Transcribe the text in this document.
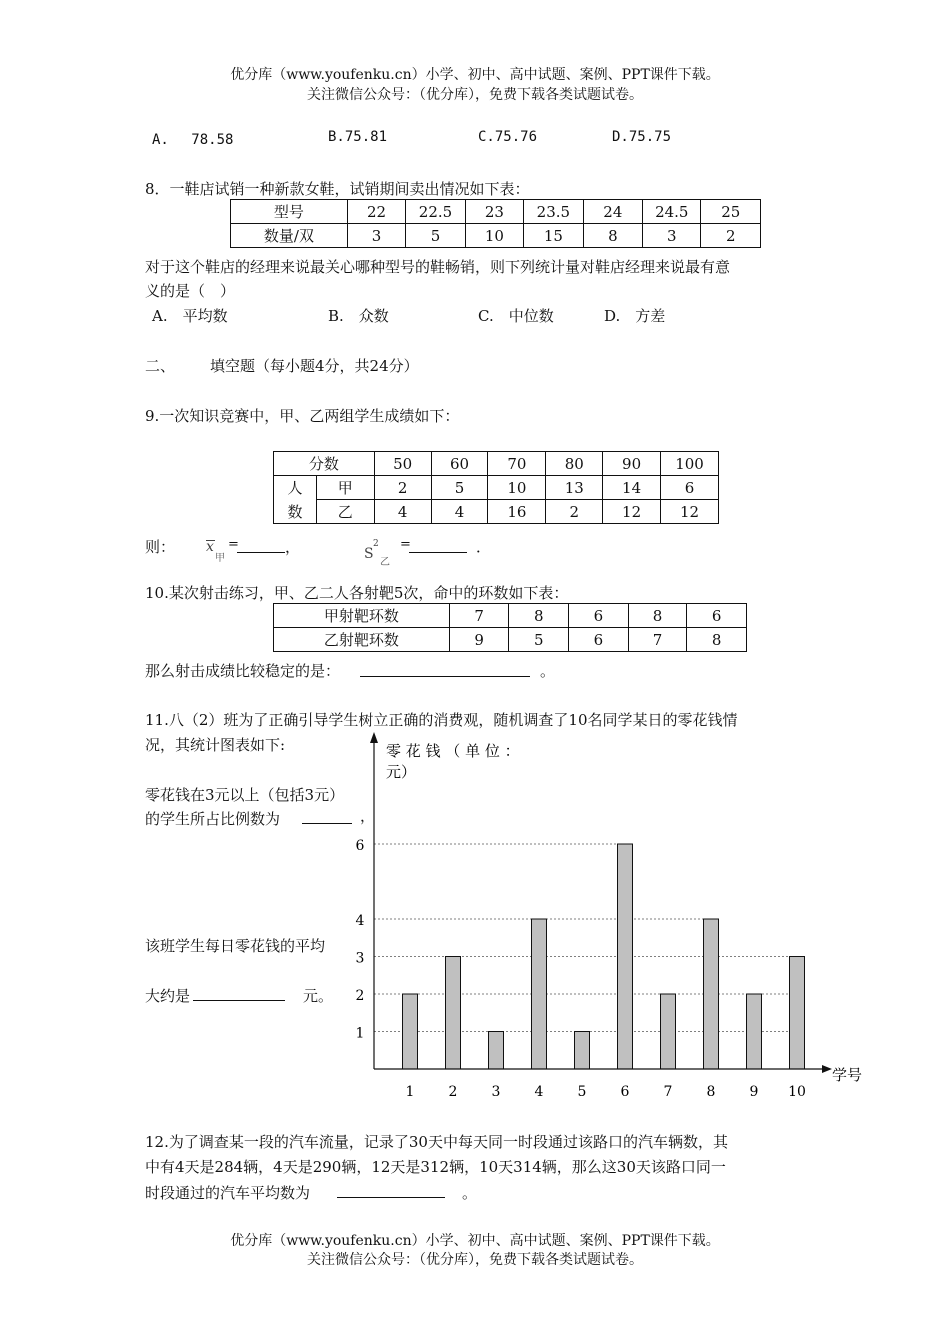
优分库（www.youfenku.cn）小学、初中、高中试题、案例、PPT课件下载。
关注微信公众号：（优分库），免费下载各类试题试卷。
A.　 78.58	B.75.81	C.75.76	D.75.75
8．一鞋店试销一种新款女鞋，试销期间卖出情况如下表：
型号	22	22.5	23	23.5	24	24.5	25
数量/双	3	5	10	15	8	3	2
对于这个鞋店的经理来说最关心哪种型号的鞋畅销，则下列统计量对鞋店经理来说最有意
义的是（　）
A.　平均数	B.　众数	C.　中位数	D.　方差
二、 填空题（每小题4分，共24分）
9.一次知识竞赛中，甲、乙两组学生成绩如下：
分数		50	60	70	80	90	100
人	甲	2	5	10	13	14	6
数	乙	4	4	16	2	12	12
则： x
甲
=	，	S
2
乙
=	．
10.某次射击练习，甲、乙二人各射靶5次，命中的环数如下表：
甲射靶环数	7	8	6	8	6
乙射靶环数	9	5	6	7	8
那么射击成绩比较稳定的是：	。
11.八（2）班为了正确引导学生树立正确的消费观，随机调查了10名同学某日的零花钱情
况，其统计图表如下:
零花钱在3元以上（包括3元）
的学生所占比例数为	，
该班学生每日零花钱的平均
大约是	元。
零 花 钱 （ 单 位 ：
元）
学号
1
2
3
4
6
1 2 3 4 5 6 7 8 9 10
12.为了调查某一段的汽车流量，记录了30天中每天同一时段通过该路口的汽车辆数，其
中有4天是284辆，4天是290辆，12天是312辆，10天314辆，那么这30天该路口同一
时段通过的汽车平均数为	。
优分库（www.youfenku.cn）小学、初中、高中试题、案例、PPT课件下载。
关注微信公众号：（优分库），免费下载各类试题试卷。
